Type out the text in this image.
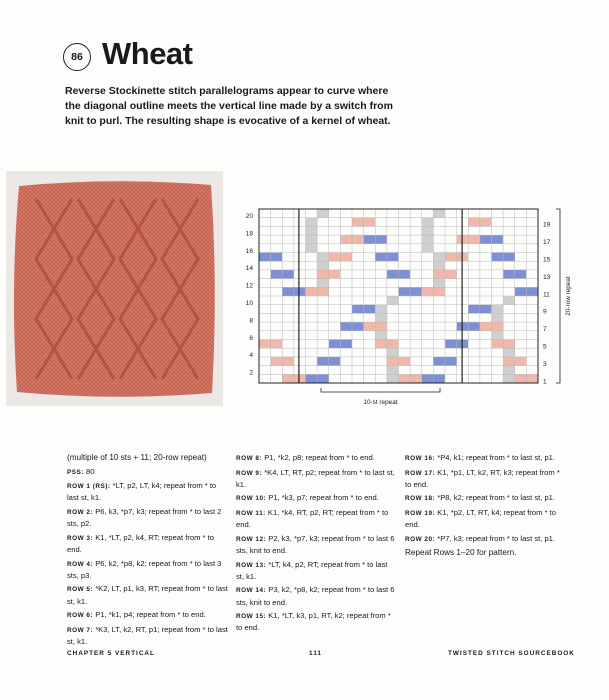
86 Wheat
Reverse Stockinette stitch parallelograms appear to curve where the diagonal outline meets the vertical line made by a switch from knit to purl. The resulting shape is evocative of a kernel of wheat.
20
18
16
14
12
10
8
6
4
2
19
17
15
13
11
9
7
5
3
1
20-row repeat
10-st repeat

(multiple of 10 sts + 11; 20-row repeat)

PSS: 80

ROW 1 (RS): *LT, p2, LT, k4; repeat from * to last st, k1.

ROW 2: P6, k3, *p7, k3; repeat from * to last 2 sts, p2.

ROW 3: K1, *LT, p2, k4, RT; repeat from * to end.

ROW 4: P6, k2, *p8, k2; repeat from * to last 3 sts, p3.

ROW 5: *K2, LT, p1, k3, RT; repeat from * to last st, k1.

ROW 6: P1, *k1, p4; repeat from * to end.

ROW 7: *K3, LT, k2, RT, p1; repeat from * to last st, k1.

ROW 8: P1, *k2, p8; repeat from * to end.

ROW 9: *K4, LT, RT, p2; repeat from * to last st, k1.

ROW 10: P1, *k3, p7; repeat from * to end.

ROW 11: K1, *k4, RT, p2, RT; repeat from * to end.

ROW 12: P2, k3, *p7, k3; repeat from * to last 6 sts, knit to end.

ROW 13: *LT, k4, p2, RT; repeat from * to last st, k1.

ROW 14: P3, k2, *p8, k2; repeat from * to last 6 sts, knit to end.

ROW 15: K1, *LT, k3, p1, RT, k2; repeat from * to end.

ROW 16: *P4, k1; repeat from * to last st, p1.

ROW 17: K1, *p1, LT, k2, RT, k3; repeat from * to end.

ROW 18: *P8, k2; repeat from * to last st, p1.

ROW 19: K1, *p2, LT, RT, k4; repeat from * to end.

ROW 20: *P7, k3; repeat from * to last st, p1.

Repeat Rows 1–20 for pattern.

CHAPTER 5 VERTICAL	111	TWISTED STITCH SOURCEBOOK
